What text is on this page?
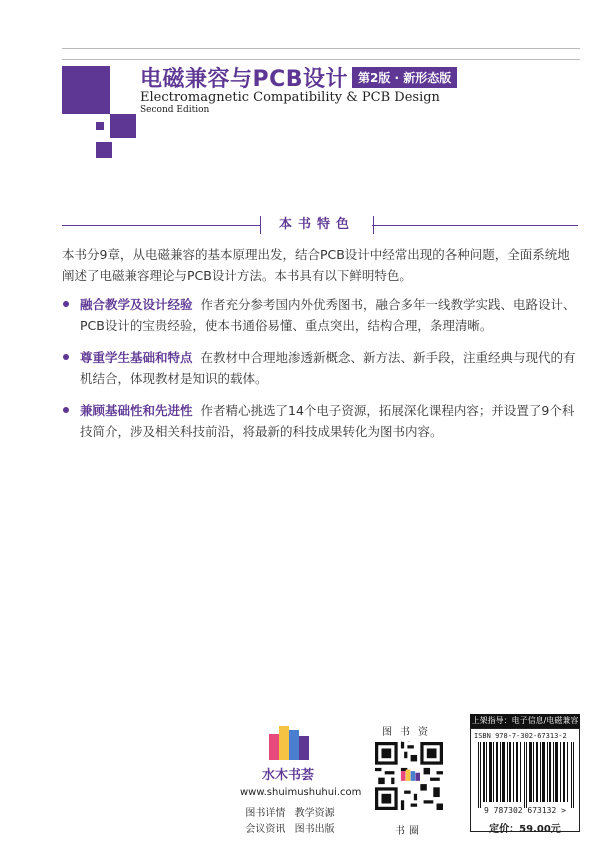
电磁兼容与PCB设计 第2版 · 新形态版
Electromagnetic Compatibility & PCB Design
Second Edition
本书特色
本书分9章，从电磁兼容的基本原理出发，结合PCB设计中经常出现的各种问题，全面系统地阐述了电磁兼容理论与PCB设计方法。本书具有以下鲜明特色。
融合教学及设计经验 作者充分参考国内外优秀图书，融合多年一线教学实践、电路设计、PCB设计的宝贵经验，使本书通俗易懂、重点突出，结构合理，条理清晰。
尊重学生基础和特点 在教材中合理地渗透新概念、新方法、新手段，注重经典与现代的有机结合，体现教材是知识的载体。
兼顾基础性和先进性 作者精心挑选了14个电子资源，拓展深化课程内容；并设置了9个科技简介，涉及相关科技前沿，将最新的科技成果转化为图书内容。
水木书荟
www.shuimushuhui.com
图书详情 教学资源
会议资讯 图书出版
图书资
书圈
上架指导：电子信息/电磁兼容
ISBN 978-7-302-67313-2
9 787302 673132 >
定价：59.00元
